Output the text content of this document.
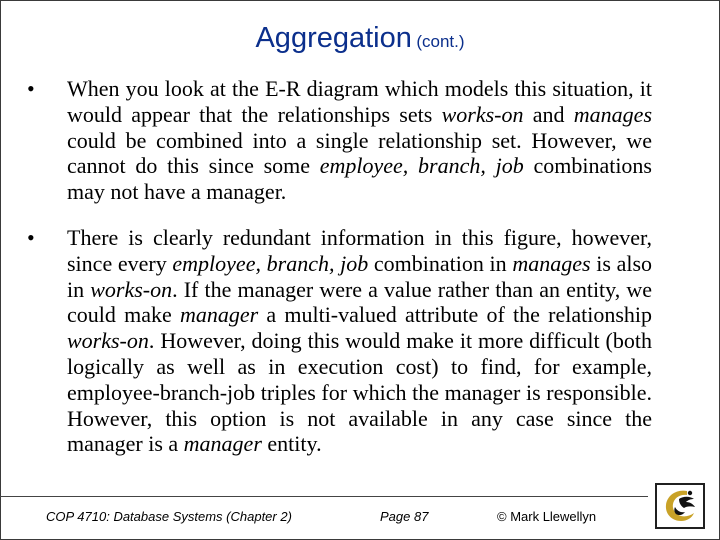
Aggregation (cont.)
• When you look at the E-R diagram which models this situation, it would appear that the relationships sets works-on and manages could be combined into a single relationship set. However, we cannot do this since some employee, branch, job combinations may not have a manager.
• There is clearly redundant information in this figure, however, since every employee, branch, job combination in manages is also in works-on. If the manager were a value rather than an entity, we could make manager a multi-valued attribute of the relationship works-on. However, doing this would make it more difficult (both logically as well as in execution cost) to find, for example, employee-branch-job triples for which the manager is responsible. However, this option is not available in any case since the manager is a manager entity.
COP 4710: Database Systems (Chapter 2)	Page 87	© Mark Llewellyn
